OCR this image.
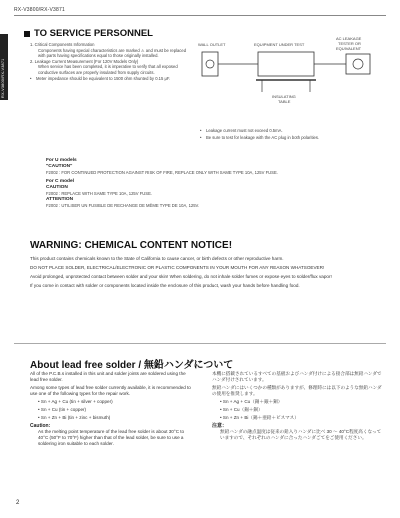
RX-V3800/RX-V3871
RX-V3800/RX-V3871
TO SERVICE PERSONNEL

1. Critical Components Information

Components having special characteristics are marked ⚠ and must be replaced with parts having specifications equal to those originally installed.

2. Leakage Current Measurement (For 120V Models Only)

When service has been completed, it is imperative to verify that all exposed conductive surfaces are properly insulated from supply circuits.

• Meter impedance should be equivalent to 1500 ohm shunted by 0.15 μF.
WALL OUTLET	EQUIPMENT UNDER TEST
AC LEAKAGE
TESTER OR
EQUIVALENT
INSULATING
TABLE
• Leakage current must not exceed 0.5mA.
• Be sure to test for leakage with the AC plug in both polarities.
For U models
"CAUTION"
F2002 : FOR CONTINUED PROTECTION AGAINST RISK OF FIRE, REPLACE ONLY WITH SAME TYPE 10A, 125V FUSE.
For C model
CAUTION
F2002 : REPLACE WITH SAME TYPE 10A, 125V FUSE.
ATTENTION
F2002 : UTILISER UN FUSIBLE DE RECHANGE DE MÊME TYPE DE 10A, 125V.
WARNING: CHEMICAL CONTENT NOTICE!

This product contains chemicals known to the State of California to cause cancer, or birth defects or other reproductive harm.

DO NOT PLACE SOLDER, ELECTRICAL/ELECTRONIC OR PLASTIC COMPONENTS IN YOUR MOUTH FOR ANY REASON WHATSOEVER!

Avoid prolonged, unprotected contact between solder and your skin! When soldering, do not inhale solder fumes or expose eyes to solder/flux vapor!

If you come in contact with solder or components located inside the enclosure of this product, wash your hands before handling food.

About lead free solder / 無鉛ハンダについて

All of the P.C.B.s installed in this unit and solder joints are soldered using the lead free solder.

Among some types of lead free solder currently available, it is recommended to use one of the following types for the repair work.

• Sn + Ag + Cu (tin + silver + copper)

• Sn + Cu (tin + copper)

• Sn + Zn + Bi (tin + zinc + bismuth)

Caution:

As the melting point temperature of the lead free solder is about 30°C to 40°C (50°F to 70°F) higher than that of the lead solder, be sure to use a soldering iron suitable to each solder.

本機に搭載されているすべての基板およびハンダ付けによる接合部は無鉛ハンダでハンダ付けされています。

無鉛ハンダにはいくつかの種類がありますが、修理時には以下のような無鉛ハンダの使用を推奨します。

• Sn + Ag + Cu（錫＋銀＋銅）

• Sn + Cu（錫＋銅）

• Sn + Zn + Bi（錫＋亜鉛＋ビスマス）

注意：

無鉛ハンダの融点温度は従来の鉛入りハンダに比べ 30 〜 40°C程度高くなっていますので、それぞれのハンダに合ったハンダごてをご使用ください。

2
